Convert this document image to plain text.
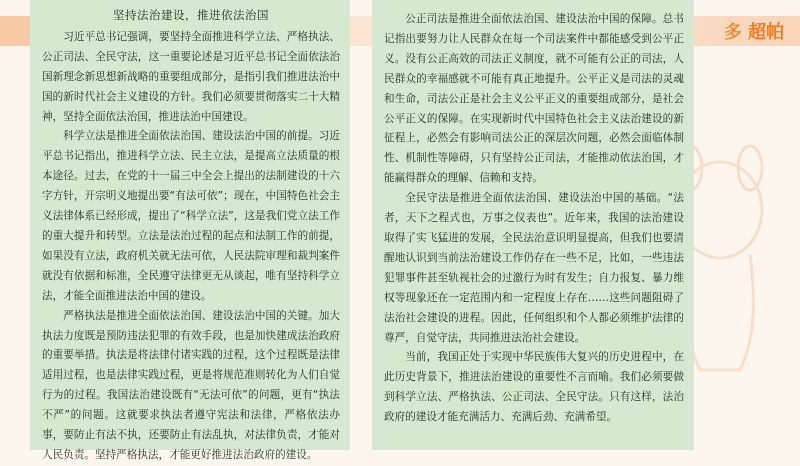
多 超帕

坚持法治建设，推进依法治国

习近平总书记强调，要坚持全面推进科学立法、严格执法、公正司法、全民守法，这一重要论述是习近平总书记全面依法治国新理念新思想新战略的重要组成部分，是指引我们推进法治中国的新时代社会主义建设的方针。我们必须要贯彻落实二十大精神，坚持全面依法治国，推进法治中国建设。

科学立法是推进全面依法治国、建设法治中国的前提。习近平总书记指出，推进科学立法、民主立法，是提高立法质量的根本途径。过去，在党的十一届三中全会上提出的法制建设的十六字方针，开宗明义地提出要“有法可依”；现在，中国特色社会主义法律体系已经形成，提出了“科学立法”，这是我们党立法工作的重大提升和转型。立法是法治过程的起点和法制工作的前提，如果没有立法，政府机关就无法可依，人民法院审理和裁判案件就没有依据和标准，全民遵守法律更无从谈起，唯有坚持科学立法，才能全面推进法治中国的建设。

严格执法是推进全面依法治国、建设法治中国的关键。加大执法力度既是预防违法犯罪的有效手段，也是加快建成法治政府的重要举措。执法是将法律付诸实践的过程，这个过程既是法律适用过程，也是法律实践过程，更是将规范准则转化为人们自觉行为的过程。我国法治建设既有“无法可依”的问题，更有“执法不严”的问题。这就要求执法者遵守宪法和法律，严格依法办事，要防止有法不执，还要防止有法乱执，对法律负责，才能对人民负责。坚持严格执法，才能更好推进法治政府的建设。

公正司法是推进全面依法治国、建设法治中国的保障。总书记指出要努力让人民群众在每一个司法案件中都能感受到公平正义。没有公正高效的司法正义制度，就不可能有公正的司法，人民群众的幸福感就不可能有真正地提升。公平正义是司法的灵魂和生命，司法公正是社会主义公平正义的重要组成部分，是社会公平正义的保障。在实现新时代中国特色社会主义法治建设的新征程上，必然会有影响司法公正的深层次问题，必然会面临体制性、机制性等障碍，只有坚持公正司法，才能推动依法治国，才能赢得群众的理解、信赖和支持。

全民守法是推进全面依法治国、建设法治中国的基础。“法者，天下之程式也，万事之仪表也”。近年来，我国的法治建设取得了实飞猛进的发展，全民法治意识明显提高，但我们也要清醒地认识到当前法治建设工作仍存在一些不足，比如，一些违法犯罪事件甚至轨视社会的过激行为时有发生；自力报复、暴力维权等现象还在一定范围内和一定程度上存在……这些问题阻碍了法治社会建设的进程。因此，任何组织和个人都必须维护法律的尊严，自觉守法，共同推进法治社会建设。

当前，我国正处于实现中华民族伟大复兴的历史进程中，在此历史背景下，推进法治建设的重要性不言而喻。我们必须要做到科学立法、严格执法、公正司法、全民守法。只有这样，法治政府的建设才能充满活力、充满后劲、充满希望。
